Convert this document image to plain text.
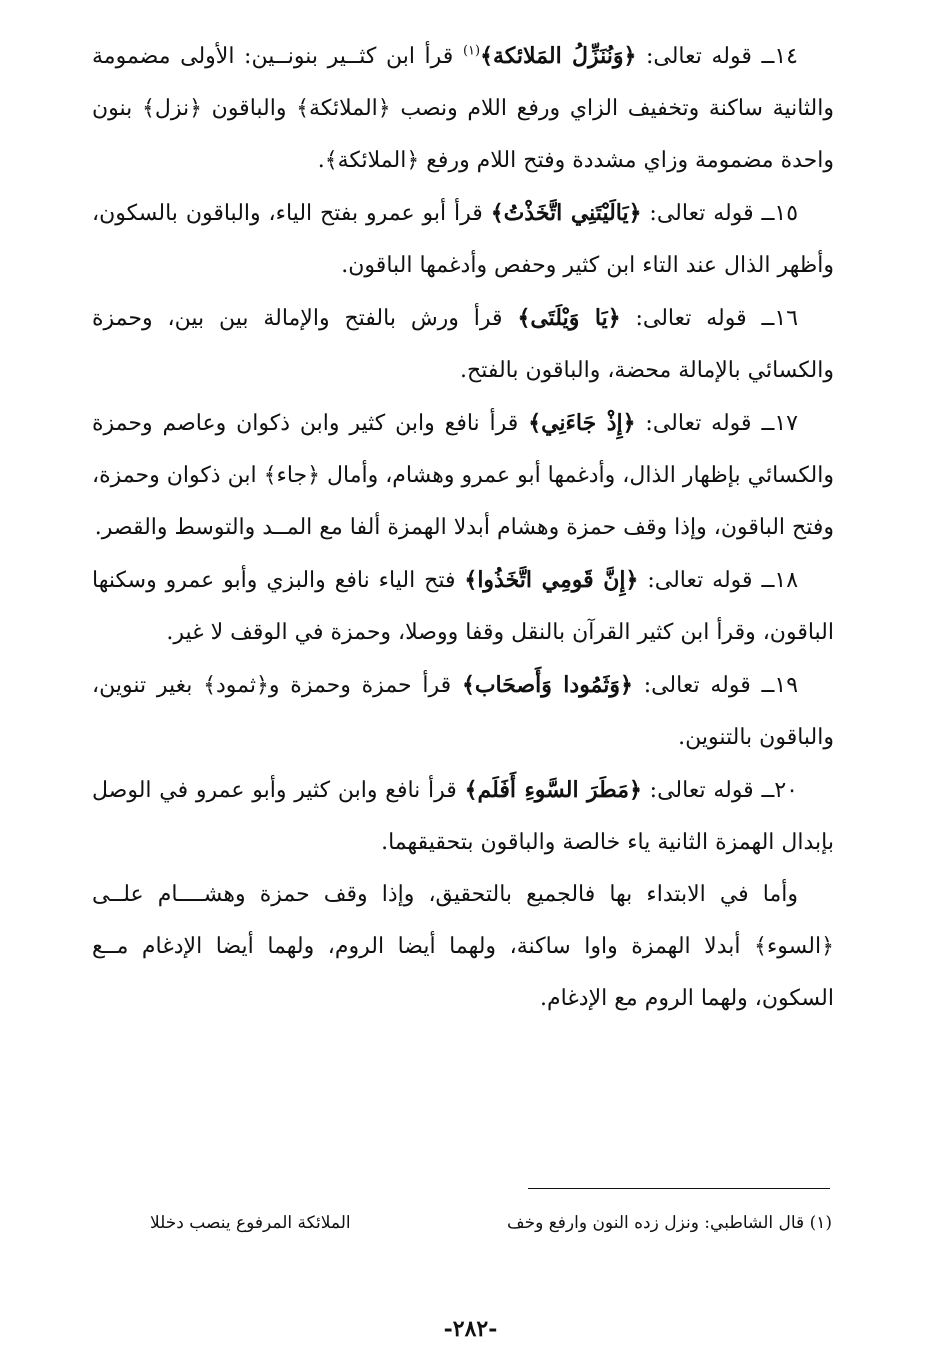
١٤ــ قوله تعالى: ﴿وَنُنَزِّلُ المَلائكة﴾$^{(١)}$ قرأ ابن كثــير بنونــين: الأولى مضمومة والثانية ساكنة وتخفيف الزاي ورفع اللام ونصب ﴿الملائكة﴾ والباقون ﴿نزل﴾ بنون واحدة مضمومة وزاي مشددة وفتح اللام ورفع ﴿الملائكة﴾.

١٥ــ قوله تعالى: ﴿يَالَيْتَنِي اتَّخَذْتُ﴾ قرأ أبو عمرو بفتح الياء، والباقون بالسكون، وأظهر الذال عند التاء ابن كثير وحفص وأدغمها الباقون.

١٦ــ قوله تعالى: ﴿يَا وَيْلَتَى﴾ قرأ ورش بالفتح والإمالة بين بين، وحمزة والكسائي بالإمالة محضة، والباقون بالفتح.

١٧ــ قوله تعالى: ﴿إِذْ جَاءَنِي﴾ قرأ نافع وابن كثير وابن ذكوان وعاصم وحمزة والكسائي بإظهار الذال، وأدغمها أبو عمرو وهشام، وأمال ﴿جاء﴾ ابن ذكوان وحمزة، وفتح الباقون، وإذا وقف حمزة وهشام أبدلا الهمزة ألفا مع المــد والتوسط والقصر.

١٨ــ قوله تعالى: ﴿إِنَّ قَومِي اتَّخَذُوا﴾ فتح الياء نافع والبزي وأبو عمرو وسكنها الباقون، وقرأ ابن كثير القرآن بالنقل وقفا ووصلا، وحمزة في الوقف لا غير.

١٩ــ قوله تعالى: ﴿وَثَمُودا وَأَصحَاب﴾ قرأ حمزة وحمزة و﴿ثمود﴾ بغير تنوين، والباقون بالتنوين.

٢٠ــ قوله تعالى: ﴿مَطَرَ السَّوءِ أَفَلَم﴾ قرأ نافع وابن كثير وأبو عمرو في الوصل بإبدال الهمزة الثانية ياء خالصة والباقون بتحقيقهما.

وأما في الابتداء بها فالجميع بالتحقيق، وإذا وقف حمزة وهشــــام علــى ﴿السوء﴾ أبدلا الهمزة واوا ساكنة، ولهما أيضا الروم، ولهما أيضا الإدغام مــع السكون، ولهما الروم مع الإدغام.

(١) قال الشاطبي: ونزل زده النون وارفع وخف
الملائكة المرفوع ينصب دخللا
-٢٨٢-
